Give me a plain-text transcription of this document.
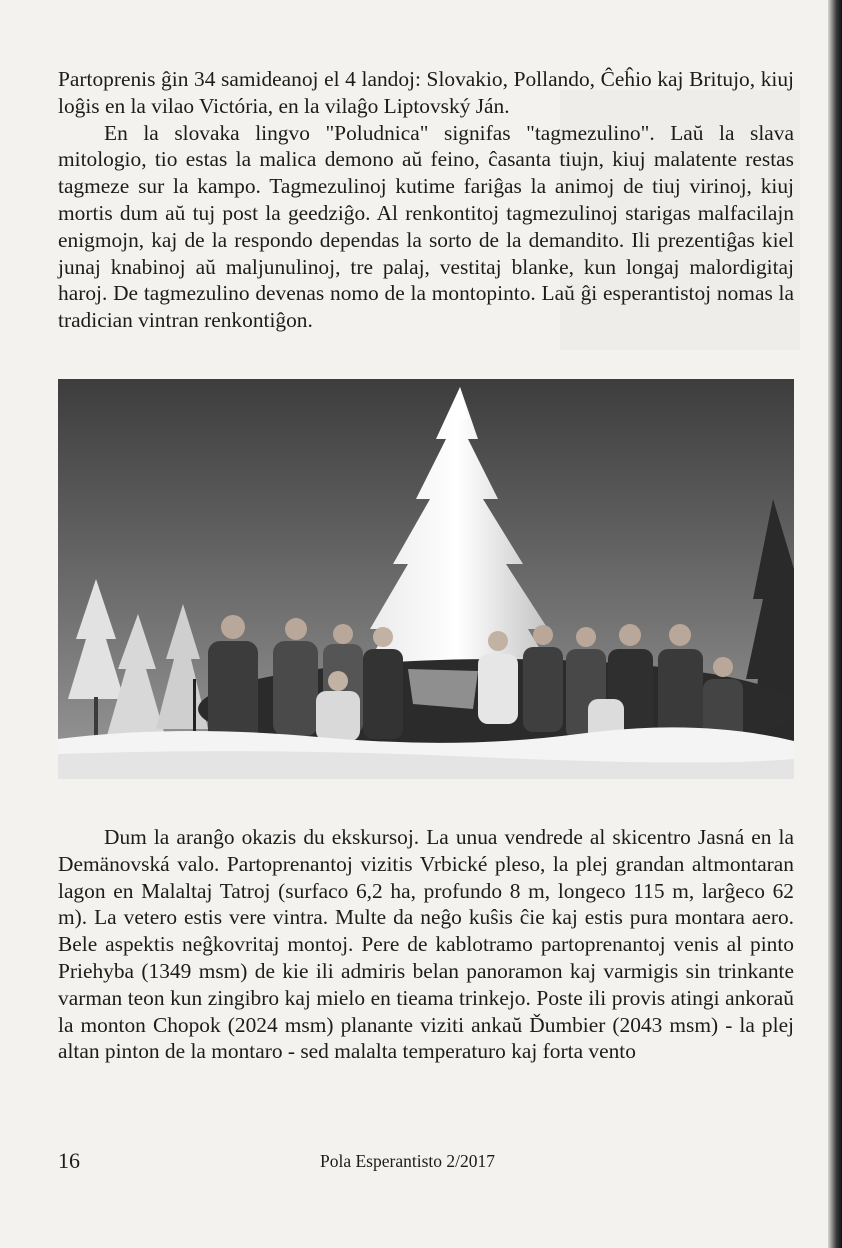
Partoprenis ĝin 34 samideanoj el 4 landoj: Slovakio, Pollando, Ĉeĥio kaj Britujo, kiuj loĝis en la vilao Victória, en la vilaĝo Liptovský Ján.
En la slovaka lingvo "Poludnica" signifas "tagmezulino". Laŭ la slava mitologio, tio estas la malica demono aŭ feino, ĉasanta tiujn, kiuj malatente restas tagmeze sur la kampo. Tagmezulinoj kutime fariĝas la animoj de tiuj virinoj, kiuj mortis dum aŭ tuj post la geedziĝo. Al renkontitoj tagmezulinoj starigas malfacilajn enigmojn, kaj de la respondo dependas la sorto de la demandito. Ili prezentiĝas kiel junaj knabinoj aŭ maljunulinoj, tre palaj, vestitaj blanke, kun longaj malordigitaj haroj. De tagmezulino devenas nomo de la montopinto. Laŭ ĝi esperantistoj nomas la tradician vintran renkontiĝon.

Dum la aranĝo okazis du ekskursoj. La unua vendrede al skicentro Jasná en la Demänovská valo. Partoprenantoj vizitis Vrbické pleso, la plej grandan altmontaran lagon en Malaltaj Tatroj (surfaco 6,2 ha, profundo 8 m, longeco 115 m, larĝeco 62 m). La vetero estis vere vintra. Multe da neĝo kuŝis ĉie kaj estis pura montara aero. Bele aspektis neĝkovritaj montoj. Pere de kablotramo partoprenantoj venis al pinto Priehyba (1349 msm) de kie ili admiris belan panoramon kaj varmigis sin trinkante varman teon kun zingibro kaj mielo en tieama trinkejo. Poste ili provis atingi ankoraŭ la monton Chopok (2024 msm) planante viziti ankaŭ Ďumbier (2043 msm) - la plej altan pinton de la montaro - sed malalta temperaturo kaj forta vento

16	Pola Esperantisto 2/2017
